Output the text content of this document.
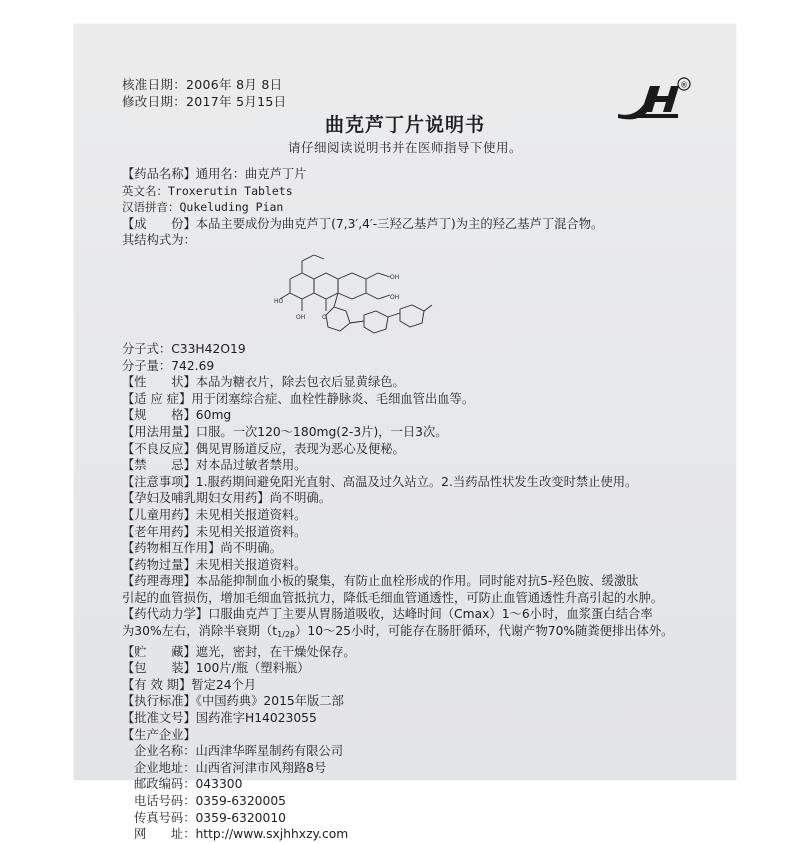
核准日期：2006年 8月 8日
修改日期：2017年 5月15日
®
曲克芦丁片说明书
请仔细阅读说明书并在医师指导下使用。
【药品名称】通用名：曲克芦丁片
英文名：Troxerutin Tablets
汉语拼音：Qukeluding Pian
【成　　份】本品主要成份为曲克芦丁(7,3′,4′-三羟乙基芦丁)为主的羟乙基芦丁混合物。
其结构式为：
HO
OH	O
OH
OH
分子式：C33H42O19
分子量：742.69
【性　　状】本品为糖衣片，除去包衣后显黄绿色。
【适 应 症】用于闭塞综合症、血栓性静脉炎、毛细血管出血等。
【规　　格】60mg
【用法用量】口服。一次120～180mg(2-3片)，一日3次。
【不良反应】偶见胃肠道反应，表现为恶心及便秘。
【禁　　忌】对本品过敏者禁用。
【注意事项】1.服药期间避免阳光直射、高温及过久站立。2.当药品性状发生改变时禁止使用。
【孕妇及哺乳期妇女用药】尚不明确。
【儿童用药】未见相关报道资料。
【老年用药】未见相关报道资料。
【药物相互作用】尚不明确。
【药物过量】未见相关报道资料。
【药理毒理】本品能抑制血小板的聚集，有防止血栓形成的作用。同时能对抗5-羟色胺、缓激肽
引起的血管损伤，增加毛细血管抵抗力，降低毛细血管通透性，可防止血管通透性升高引起的水肿。
【药代动力学】口服曲克芦丁主要从胃肠道吸收，达峰时间（Cmax）1～6小时，血浆蛋白结合率
为30%左右，消除半衰期$(t_{1/2\beta})10\sim 25$小时，可能存在肠肝循环，代谢产物70%随粪便排出体外。
【贮　　藏】遮光，密封，在干燥处保存。
【包　　装】100片/瓶（塑料瓶）
【有 效 期】暂定24个月
【执行标准】《中国药典》2015年版二部
【批准文号】国药准字H14023055
【生产企业】
企业名称：山西津华晖星制药有限公司
企业地址：山西省河津市风翔路8号
邮政编码：043300
电话号码：0359-6320005
传真号码：0359-6320010
网　　址：http://www.sxjhhxzy.com
